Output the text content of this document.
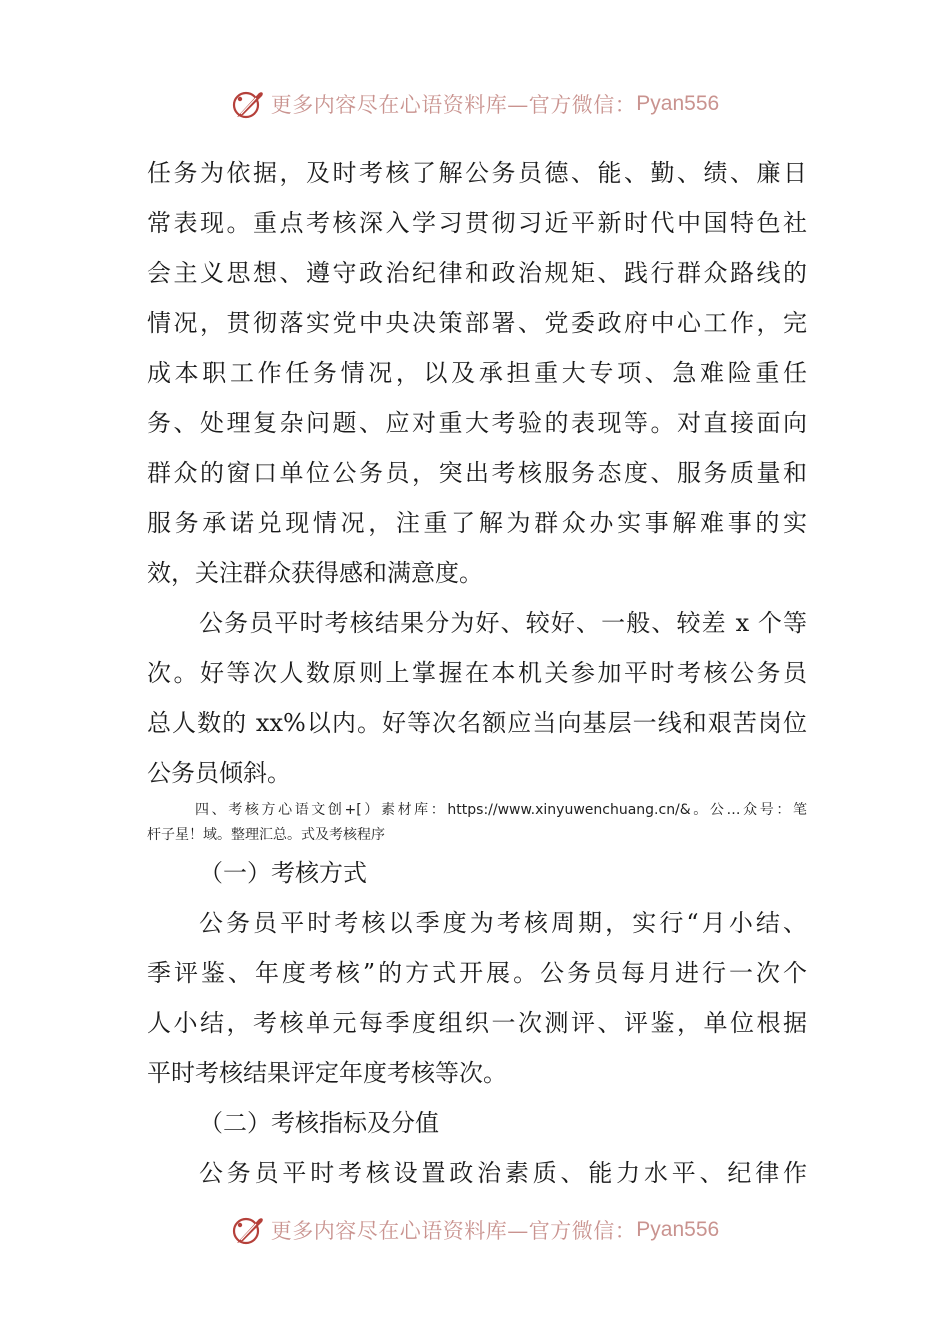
更多内容尽在心语资料库—官方微信： Pyan556
任务为依据，及时考核了解公务员德、能、勤、绩、廉日
常表现。重点考核深入学习贯彻习近平新时代中国特色社
会主义思想、遵守政治纪律和政治规矩、践行群众路线的
情况，贯彻落实党中央决策部署、党委政府中心工作，完
成本职工作任务情况，以及承担重大专项、急难险重任
务、处理复杂问题、应对重大考验的表现等。对直接面向
群众的窗口单位公务员，突出考核服务态度、服务质量和
服务承诺兑现情况，注重了解为群众办实事解难事的实
效，关注群众获得感和满意度。
公务员平时考核结果分为好、较好、一般、较差 x 个等
次。好等次人数原则上掌握在本机关参加平时考核公务员
总人数的 xx%以内。好等次名额应当向基层一线和艰苦岗位
公务员倾斜。
四、考核方心语文创+[）素材库：https://www.xinyuwenchuang.cn/&。公…众号：笔
杆子星！域。整理汇总。式及考核程序
（一）考核方式
公务员平时考核以季度为考核周期，实行“月小结、
季评鉴、年度考核”的方式开展。公务员每月进行一次个
人小结，考核单元每季度组织一次测评、评鉴，单位根据
平时考核结果评定年度考核等次。
（二）考核指标及分值
公务员平时考核设置政治素质、能力水平、纪律作
更多内容尽在心语资料库—官方微信： Pyan556
